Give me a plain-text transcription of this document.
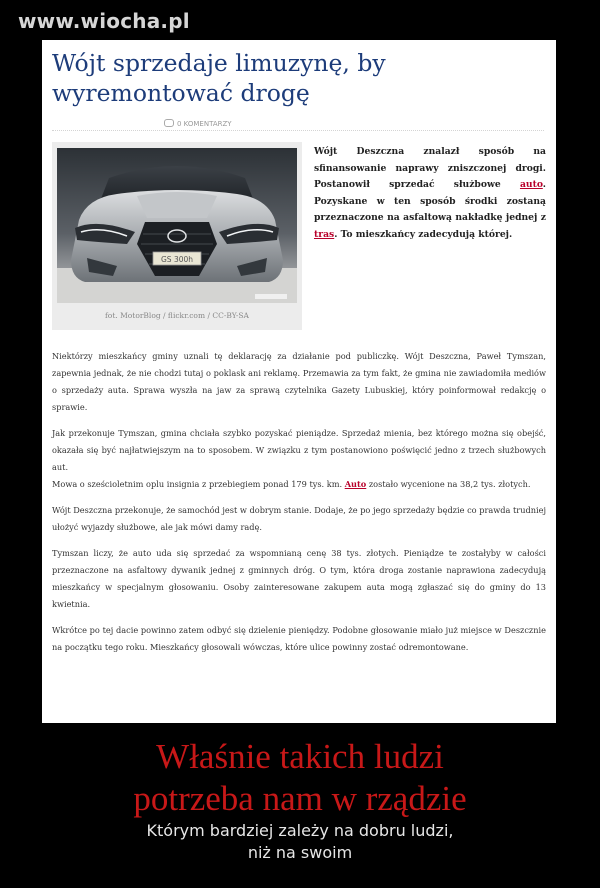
www.wiocha.pl
Wójt sprzedaje limuzynę, by wyremontować drogę
0 KOMENTARZY
GS 300h
fot. MotorBlog / flickr.com / CC-BY-SA

Wójt Deszczna znalazł sposób na sfinansowanie naprawy zniszczonej drogi. Postanowił sprzedać służbowe auto. Pozyskane w ten sposób środki zostaną przeznaczone na asfaltową nakładkę jednej z tras. To mieszkańcy zadecydują której.

Niektórzy mieszkańcy gminy uznali tę deklarację za działanie pod publiczkę. Wójt Deszczna, Paweł Tymszan, zapewnia jednak, że nie chodzi tutaj o poklask ani reklamę. Przemawia za tym fakt, że gmina nie zawiadomiła mediów o sprzedaży auta. Sprawa wyszła na jaw za sprawą czytelnika Gazety Lubuskiej, który poinformował redakcję o sprawie.

Jak przekonuje Tymszan, gmina chciała szybko pozyskać pieniądze. Sprzedaż mienia, bez którego można się obejść, okazała się być najłatwiejszym na to sposobem. W związku z tym postanowiono poświęcić jedno z trzech służbowych aut.

Mowa o sześcioletnim oplu insignia z przebiegiem ponad 179 tys. km. Auto zostało wycenione na 38,2 tys. złotych.

Wójt Deszczna przekonuje, że samochód jest w dobrym stanie. Dodaje, że po jego sprzedaży będzie co prawda trudniej ułożyć wyjazdy służbowe, ale jak mówi damy radę.

Tymszan liczy, że auto uda się sprzedać za wspomnianą cenę 38 tys. złotych. Pieniądze te zostałyby w całości przeznaczone na asfaltowy dywanik jednej z gminnych dróg. O tym, która droga zostanie naprawiona zadecydują mieszkańcy w specjalnym głosowaniu. Osoby zainteresowane zakupem auta mogą zgłaszać się do gminy do 13 kwietnia.

Wkrótce po tej dacie powinno zatem odbyć się dzielenie pieniędzy. Podobne głosowanie miało już miejsce w Deszcznie na początku tego roku. Mieszkańcy głosowali wówczas, które ulice powinny zostać odremontowane.

Właśnie takich ludzi
potrzeba nam w rządzie
Którym bardziej zależy na dobru ludzi,
niż na swoim
